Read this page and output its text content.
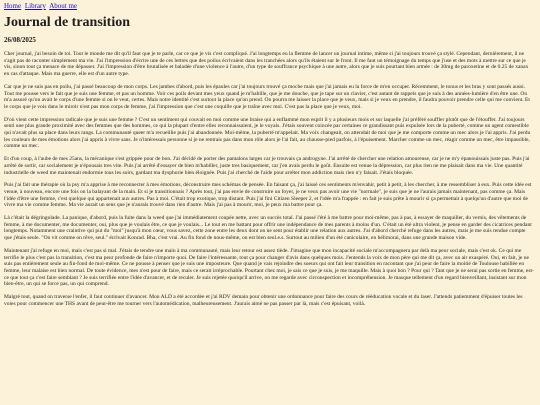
Home Library About me
Journal de transition
26/08/2025

Cher journal, j'ai besoin de toi. Tout le monde me dit qu'il faut que je te parle, car ce que je vis c'est compliqué. J'ai longtemps eu la flemme de lancer un journal intime, même si j'ai toujours trouvé ça stylé. Cependant, dernièrement, il ne s'agit pas de raconter simplement ma vie. J'ai l'impression d'écrire une de ces lettres que des poilus écrivaient dans les tranchées alors qu'ils étaient sur le front. Il me faut un témoignage du temps que j'use et des mots à mettre sur ce que je vis, sinon tout ça menace de me dépasser. J'ai l'impression d'être brutalisée et baladée d'une violence à l'autre, d'un type de souffrance psychique à une autre, alors que je suis pourtant bien armée : de 30mg de paroxetine et de 0.25 de xanax en cas d'attaque. Mais ma guerre, elle est d'un autre type.

Car que je ne suis pas en poilu, j'ai passé beaucoup de mon corps. Les jambes d'abord, puis les épaules car j'ai toujours trouvé ça moche mais que j'ai jamais eu la force de m'en occuper. Récemment, le tonus et les bras y sont passés aussi. Tout me pousse vers le fait que je suis une femme, et pas un homme. Voir ces poils devant mes yeux quand je m'habille, que je me douche, que je tape sur un clavier, c'est autant de rappels que je suis à des années-lumière d'en être une. On m'a assuré qu'on avait le corps d'une femme si on le veut, certes. Mais notre identité c'est surtout la place qu'on prend. On pourra me laisser la place que je veux, mais si je veux en prendre, il faudra pouvoir prendre celle qui me convient. Et le corps que je vois dans le miroir n'est pas mon corps de femme, j'ai l'impression que c'est une coquille que je traîne avec moi. C'est pas la place que je veux, moi.

D'où vient cette impression radicale que je suis une femme ? C'est un sentiment qui couvait en moi comme une braise qui a enflammé mon esprit il y a plusieurs mois et sur laquelle j'ai préféré souffler plutôt que de l'étouffer. J'ai toujours senti une plus grande proximité avec des femmes que des hommes, ce qui la plupart d'entre elles reconnaissaient, je le voyais. J'étais souvent coincée par certaines ce grandissant puis expulsée lors de la puberté, comme un agent comestible qui n'avait plus sa place dans leurs rangs. La communauté queer m'a recueillie puis j'ai abandonnée. Moi-même, la puberté m'appelait. Ma voix changeait, on attendait de moi que je me comporte comme un mec alors je l'ai appris. J'ai perdu les couleurs de mes émotions alors j'ai appris à vivre sans. Je n'intéressais personne si je ne rentrais pas dans mon rôle alors je l'ai fait, au chausse-pied parfois, à l'épuisement. Marcher comme un mec, réagir comme un mec, être impassible, comme un mec.

Et d'un coup, à l'aube de mes 25ans, la mécanique s'est grippée pour de bon. J'ai décidé de porter des pantalons larges car je trouvais ça androgyne. J'ai arrêté de chercher une relation amoureuse, car je ne m'y épanouissais juste pas. Puis j'ai arrêté de sortir, car socialement je n'épousais tres vite. Puis j'ai arrêté d'essayer de bien m'habiller, juste tres basiquement, car j'en avais perdu le goût. Ensuite est venue la dépression, car plus rien ne me plaisait dans ma vie. Une quantité industrielle de weed me maintenait endormie tous les soirs, gardant ma dysphorie bien éloignée. Puis j'ai cherché de l'aide pour arrêter mon addiction mais rien n'y faisait. J'étais bloquée.

Puis j'ai fait une thérapie où la psy m'a apprise à me reconnecter à mes émotions, déconstruire mes schémas de pensée. En faisant ça, j'ai laissé ces sentiments m'envahir, petit à petit, à les chercher, à me ressembliser à eux. Puis cette idée est venue, à nouveau, encore une fois on la balayant de la main. Et si je transitionnais ? Après tout, j'ai pas envie de construire un foyer, je ne veux pas avoir une vie "normale", je suis que je ne l'aurais jamais maintenant, pas comme ça. Mais l'idée d'être une femme, c'est quelque qui appartenait aux autres. Pas à moi. C'était trop exotique, trop distant. Puis j'ai fini Citizen Sleeper 2, et l'idée m'a frappée : en fait je suis prête à mourir si ça permettait à quelqu'un d'autre que moi de vivre ma vie comme femme. Ma vie aurait un sens que je n'aurais trouvé dans rien d'autre. Mais j'ai pas à mourir, moi, je peux ma battre pour ça.

Là c'était la dégringolade. La panique, d'abord, puis la fuite dans la weed que j'ai immédiatement coupée nette, avec un succès total. J'ai passé l'été à me battre pour moi-même, pas à pas, à essayer de maquiller, du vernis, des vêtements de femme, à me documenter, me documenter, oui, plus que je voulais être, ce que je voulais... Le tout en me battant pour offrir une indépendance de mes parents à moins d'un. C'était un été ultra violent, je pense en garder des cicatrices pendant longtemps. Notamment une craintive qui put du "moi" jusqu'à mon cœur, vous savez, cette zone entre les deux dont on ne sent pour établir une relation aux autres. J'ai d'abord cherché refuge dans les autres, mais je me suis rendue compte que j'étais seule. "On vit comme on rêve, seul." écrivait Konrad. Bha, c'est vrai. Au fin fond de nous-même, on est bien seul.e.s. Surtout au milieu d'un été caniculaire, en hélimorai, dans une grande maison vide.

Maintenant j'ai refuge en moi, mais c'est pas si mal. J'étais de tendre une main à ma communauté, mais leur retour est assez tiède. J'imagine que mon incapacité sociale m'accompagnera par delà ma peur sociale, mais c'est ok. Ce qui me terrifie le plus c'est pas la transition, c'est ma peur profonde de faire n'importe quoi. De faire l'intéressante, tout ça pour changer d'avis dans quelques mois. J'entends la voix de mon père qui me dit ça, avec un air exaspéré. Oui, en fait, je ne suis pas entièrement seule au fin-fond de moi-même. Ce ne pousse à penser que je suis une imposteure. Que quand je vais rejoindre des soeurs qui ont fait leur transition en racontant que j'ai peur de faire la moitié de Toulouse habillée en femme, leur malaise est bien normal. De toute évidence, mes n'est pour de faire, mais ce serait irréprochable. Pourtant chez moi, je sais ce que je suis, je me maquille. Mais à quoi bon ? Pour qui ? Tant que je ne serai pas sortie en femme, est-ce que tout ça c'est faire semblant ? Je suis terrifiée entre l'idée d'avancer, et de reculer. Je suis rejetée quoiqu'il arrive, on me regarde avec circonspection et incompréhension. Je masque tellement d'un regard bienveillant, insistant sur mon bien-être, un qui se force pas, un qui comprend.

Malgré tout, quand on traverse l'enfer, il faut continuer d'avancer. Mon ALD a été accordée et j'ai RDV demain pour obtenir une ordonnance pour faire des cours de rééducation vocale et du laser. J'attends patiemment d'épuiser toutes les voies pour commencer une THS avant de peut-être me tourner vers l'automédication, malheureusement. J'aurais aimé ne pas passer par là, mais c'est épuisant, voilà.
